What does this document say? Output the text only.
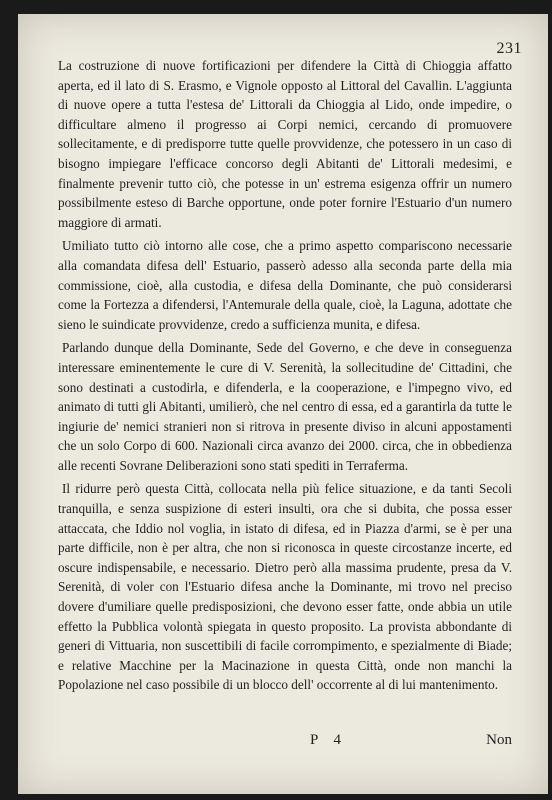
231

La costruzione di nuove fortificazioni per difendere la Città di Chioggia affatto aperta, ed il lato di S. Erasmo, e Vignole opposto al Littoral del Cavallin. L'aggiunta di nuove opere a tutta l'estesa de' Littorali da Chioggia al Lido, onde impedire, o difficultare almeno il progresso ai Corpi nemici, cercando di promuovere sollecitamente, e di predisporre tutte quelle provvidenze, che potessero in un caso di bisogno impiegare l'efficace concorso degli Abitanti de' Littorali medesimi, e finalmente prevenir tutto ciò, che potesse in un' estrema esigenza offrir un numero possibilmente esteso di Barche opportune, onde poter fornire l'Estuario d'un numero maggiore di armati.

Umiliato tutto ciò intorno alle cose, che a primo aspetto compariscono necessarie alla comandata difesa dell' Estuario, passerò adesso alla seconda parte della mia commissione, cioè, alla custodia, e difesa della Dominante, che può considerarsi come la Fortezza a difendersi, l'Antemurale della quale, cioè, la Laguna, adottate che sieno le suindicate provvidenze, credo a sufficienza munita, e difesa.

Parlando dunque della Dominante, Sede del Governo, e che deve in conseguenza interessare eminentemente le cure di V. Serenità, la sollecitudine de' Cittadini, che sono destinati a custodirla, e difenderla, e la cooperazione, e l'impegno vivo, ed animato di tutti gli Abitanti, umilierò, che nel centro di essa, ed a garantirla da tutte le ingiurie de' nemici stranieri non si ritrova in presente diviso in alcuni appostamenti che un solo Corpo di 600. Nazionali circa avanzo dei 2000. circa, che in obbedienza alle recenti Sovrane Deliberazioni sono stati spediti in Terraferma.

Il ridurre però questa Città, collocata nella più felice situazione, e da tanti Secoli tranquilla, e senza suspizione di esteri insulti, ora che si dubita, che possa esser attaccata, che Iddio nol voglia, in istato di difesa, ed in Piazza d'armi, se è per una parte difficile, non è per altra, che non si riconosca in queste circostanze incerte, ed oscure indispensabile, e necessario. Dietro però alla massima prudente, presa da V. Serenità, di voler con l'Estuario difesa anche la Dominante, mi trovo nel preciso dovere d'umiliare quelle predisposizioni, che devono esser fatte, onde abbia un utile effetto la Pubblica volontà spiegata in questo proposito. La provista abbondante di generi di Vittuaria, non suscettibili di facile corrompimento, e spezialmente di Biade; e relative Macchine per la Macinazione in questa Città, onde non manchi la Popolazione nel caso possibile di un blocco dell' occorrente al di lui mantenimento.

P 4	Non
